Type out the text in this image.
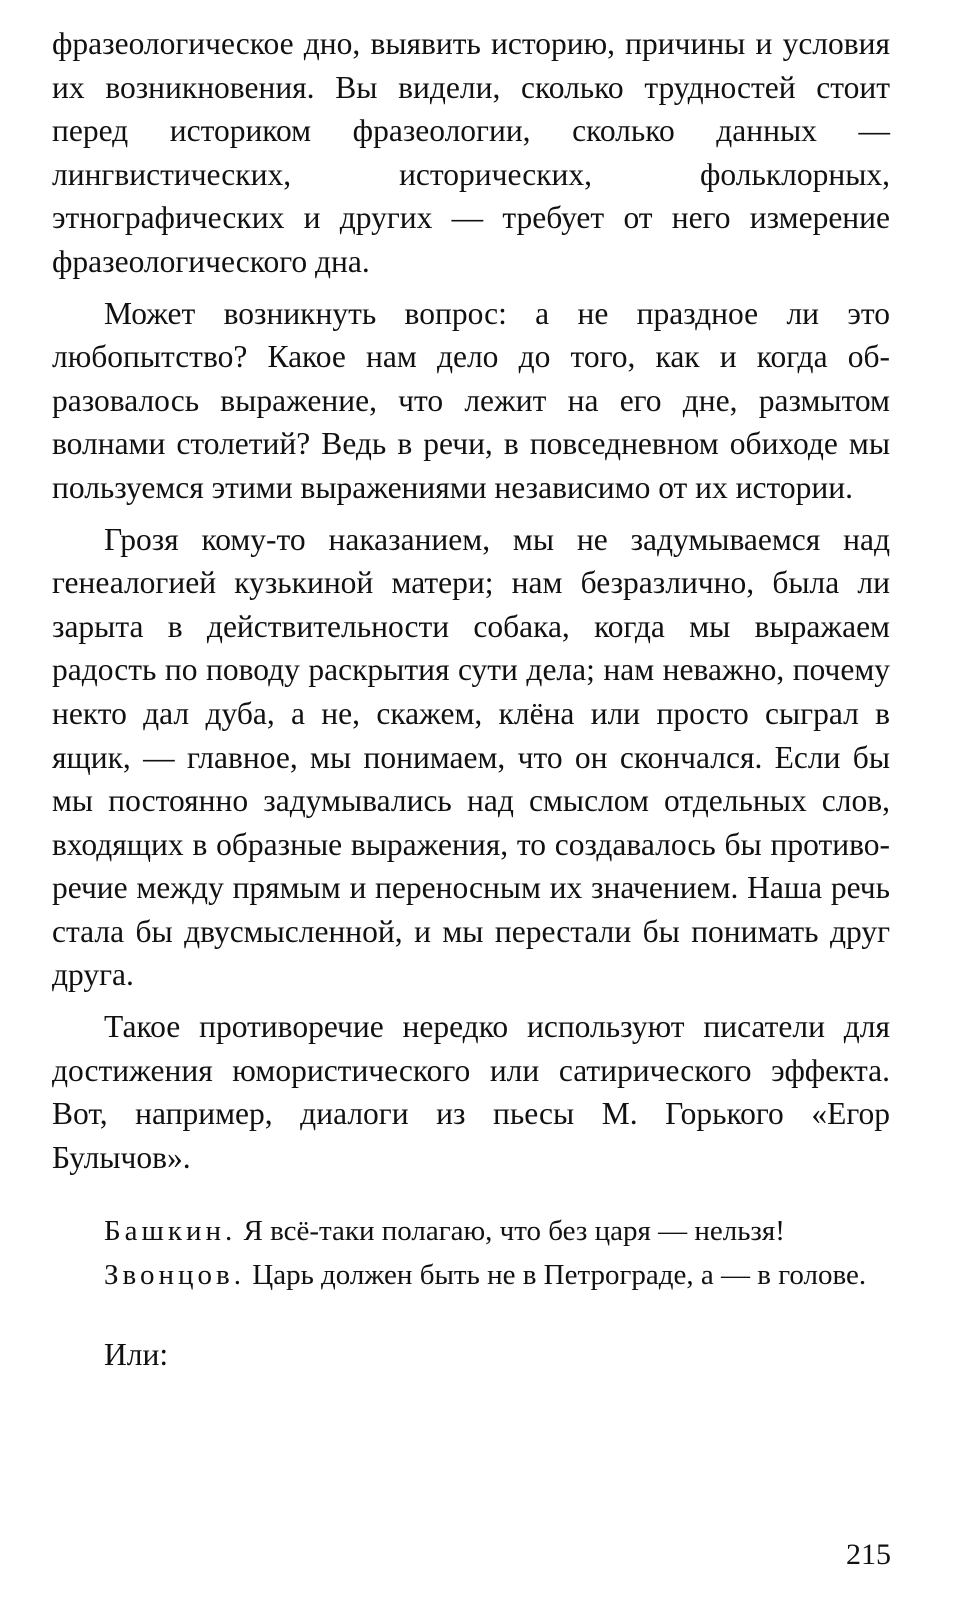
фразеологическое дно, выявить историю, причины и условия их возникновения. Вы видели, сколько трудностей стоит перед историком фразеологии, сколько данных — лингвистических, исторических, фольклорных, этнографических и других — требует от него измерение фразеологического дна.

Может возникнуть вопрос: а не праздное ли это любопытство? Какое нам дело до того, как и когда образовалось выражение, что лежит на его дне, размытом волнами столетий? Ведь в речи, в повседневном обиходе мы пользуемся этими выражениями независимо от их истории.

Грозя кому-то наказанием, мы не задумываемся над генеалогией кузькиной матери; нам безразлично, была ли зарыта в действительности собака, когда мы выражаем радость по поводу раскрытия сути дела; нам неважно, почему некто дал дуба, а не, скажем, клёна или просто сыграл в ящик, — главное, мы понимаем, что он скончался. Если бы мы постоянно задумывались над смыслом отдельных слов, входящих в образные выражения, то создавалось бы противоречие между прямым и переносным их значением. Наша речь стала бы двусмысленной, и мы перестали бы понимать друг друга.

Такое противоречие нередко используют писатели для достижения юмористического или сатирического эффекта. Вот, например, диалоги из пьесы М. Горького «Егор Булычов».

Башкин. Я всё-таки полагаю, что без царя — нельзя!

Звонцов. Царь должен быть не в Петрограде, а — в голове.

Или:

215
